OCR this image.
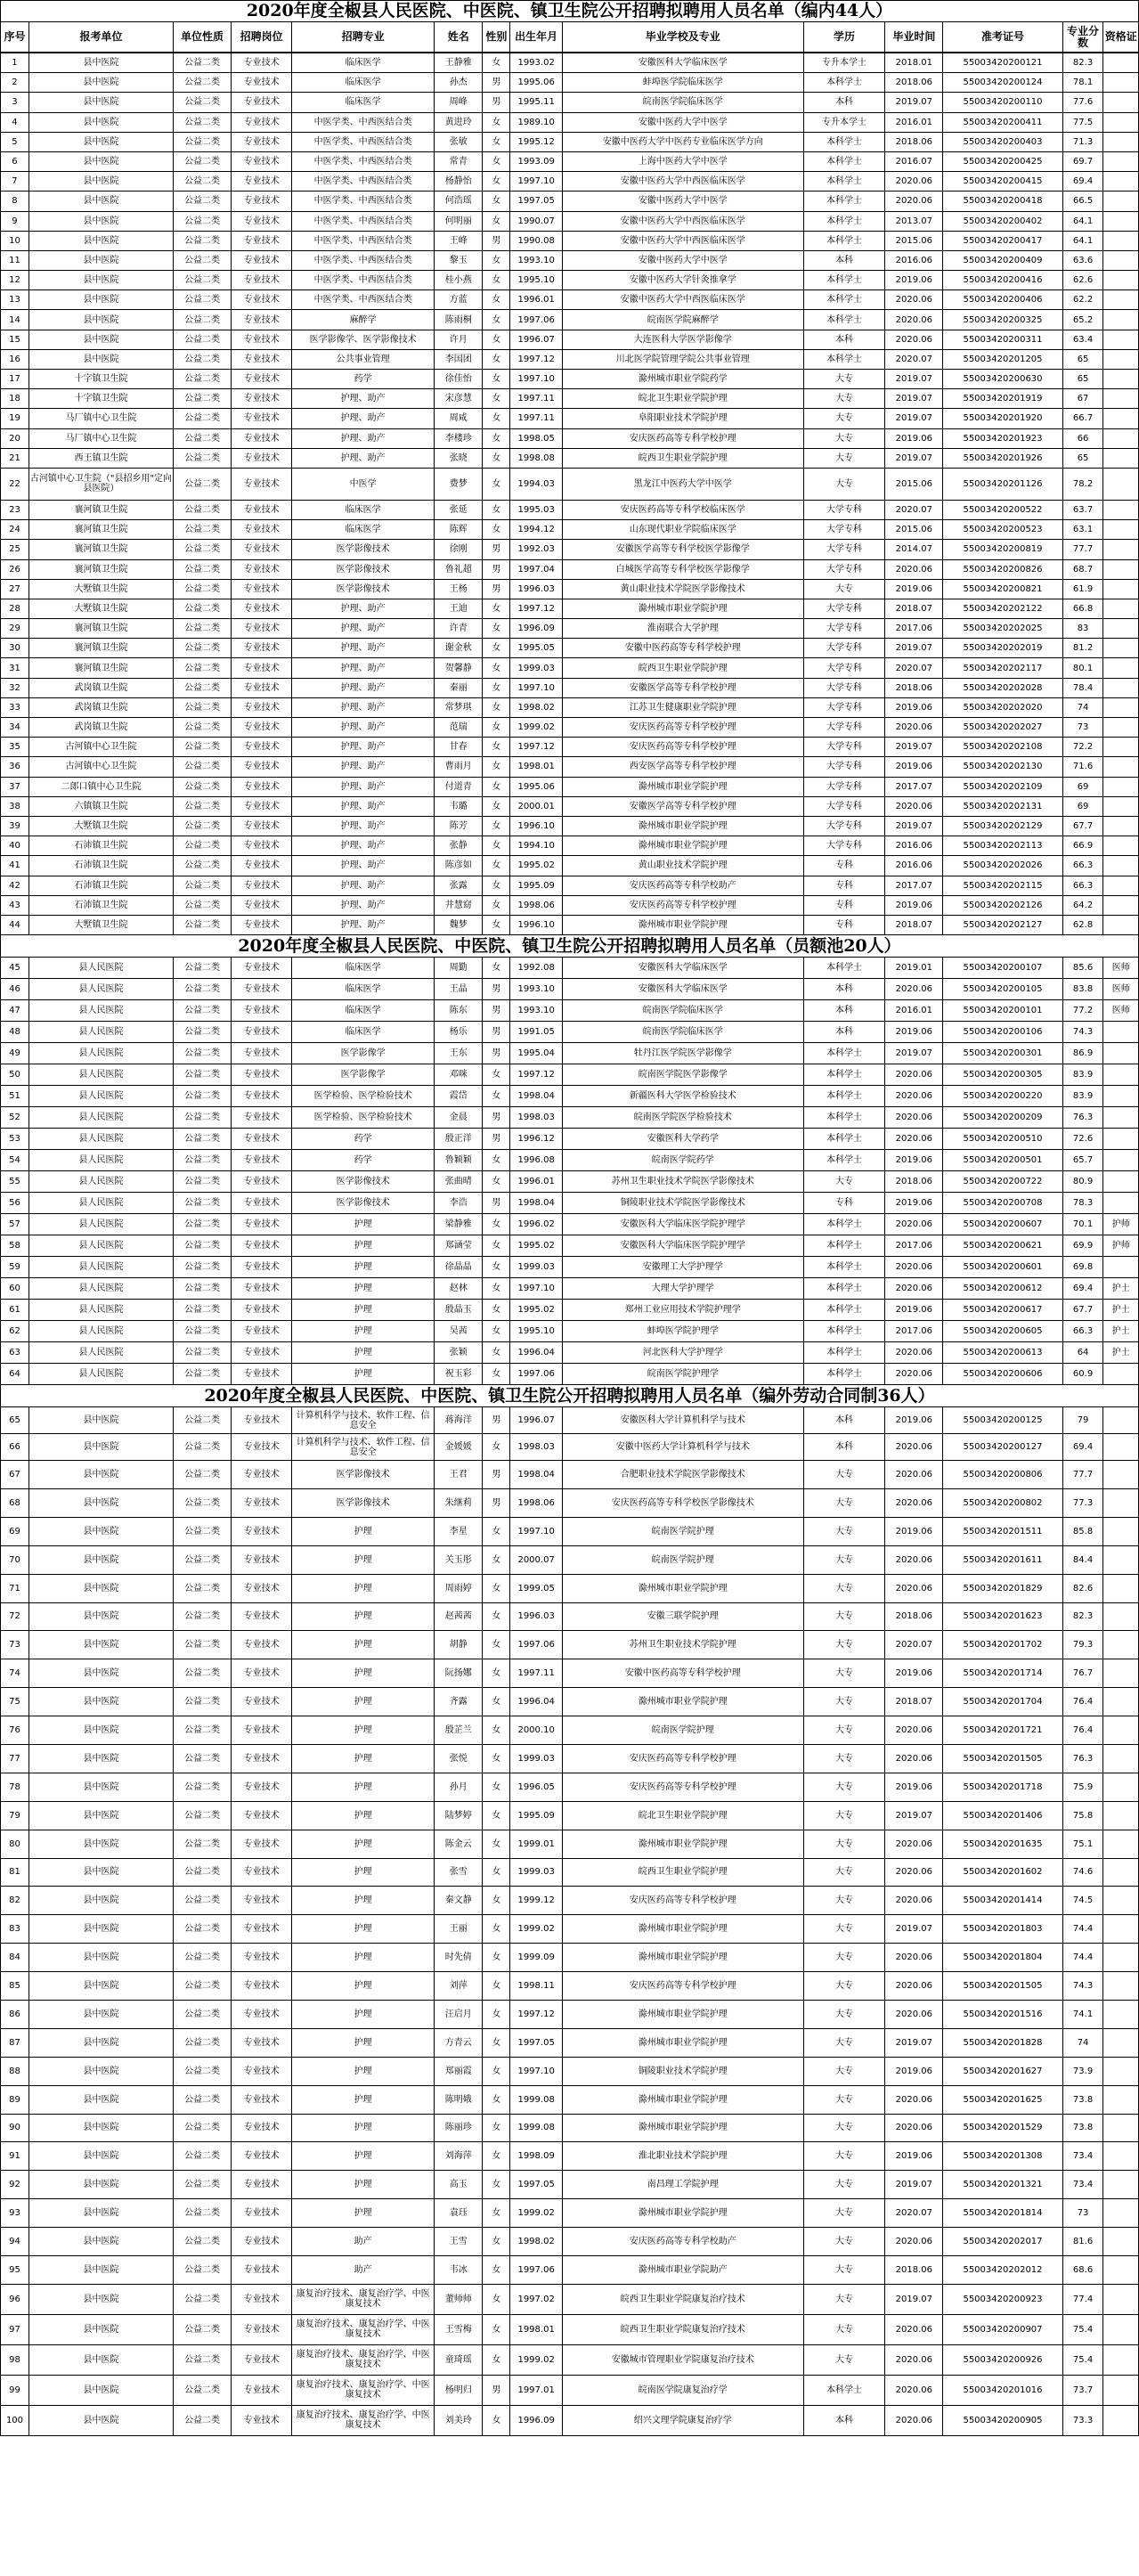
2020年度全椒县人民医院、中医院、镇卫生院公开招聘拟聘用人员名单（编内44人）
序号	报考单位	单位性质	招聘岗位	招聘专业	姓名	性别	出生年月	毕业学校及专业	学历	毕业时间	准考证号	专业分数	资格证
1	县中医院	公益二类	专业技术	临床医学	王静雅	女	1993.02	安徽医科大学临床医学	专升本学士	2018.01	55003420200121	82.3	
2	县中医院	公益二类	专业技术	临床医学	孙杰	男	1995.06	蚌埠医学院临床医学	本科学士	2018.06	55003420200124	78.1	
3	县中医院	公益二类	专业技术	临床医学	周峰	男	1995.11	皖南医学院临床医学	本科	2019.07	55003420200110	77.6	
4	县中医院	公益二类	专业技术	中医学类、中西医结合类	黄进玲	女	1989.10	安徽中医药大学中医学	专升本学士	2016.01	55003420200411	77.5	
5	县中医院	公益二类	专业技术	中医学类、中西医结合类	张敏	女	1995.12	安徽中医药大学中医药专业临床医学方向	本科学士	2018.06	55003420200403	71.3	
6	县中医院	公益二类	专业技术	中医学类、中西医结合类	常青	女	1993.09	上海中医药大学中医学	本科学士	2016.07	55003420200425	69.7	
7	县中医院	公益二类	专业技术	中医学类、中西医结合类	杨静怡	女	1997.10	安徽中医药大学中西医临床医学	本科学士	2020.06	55003420200415	69.4	
8	县中医院	公益二类	专业技术	中医学类、中西医结合类	何浩瑶	女	1997.05	安徽中医药大学中医学	本科学士	2020.06	55003420200418	66.5	
9	县中医院	公益二类	专业技术	中医学类、中西医结合类	何明丽	女	1990.07	安徽中医药大学中西医临床医学	本科学士	2013.07	55003420200402	64.1	
10	县中医院	公益二类	专业技术	中医学类、中西医结合类	王峰	男	1990.08	安徽中医药大学中西医临床医学	本科学士	2015.06	55003420200417	64.1	
11	县中医院	公益二类	专业技术	中医学类、中西医结合类	黎玉	女	1993.10	安徽中医药大学中医学	本科	2016.06	55003420200409	63.6	
12	县中医院	公益二类	专业技术	中医学类、中西医结合类	桂小燕	女	1995.10	安徽中医药大学针灸推拿学	本科学士	2019.06	55003420200416	62.6	
13	县中医院	公益二类	专业技术	中医学类、中西医结合类	方蓝	女	1996.01	安徽中医药大学中西医临床医学	本科学士	2020.06	55003420200406	62.2	
14	县中医院	公益二类	专业技术	麻醉学	陈雨桐	女	1997.06	皖南医学院麻醉学	本科学士	2020.06	55003420200325	65.2	
15	县中医院	公益二类	专业技术	医学影像学、医学影像技术	许月	女	1996.07	大连医科大学医学影像学	本科	2020.06	55003420200311	63.4	
16	县中医院	公益二类	专业技术	公共事业管理	李国团	女	1997.12	川北医学院管理学院公共事业管理	本科学士	2020.07	55003420201205	65	
17	十字镇卫生院	公益二类	专业技术	药学	徐佳怡	女	1997.10	滁州城市职业学院药学	大专	2019.07	55003420200630	65	
18	十字镇卫生院	公益二类	专业技术	护理、助产	宋彦慧	女	1997.11	皖北卫生职业学院护理	大专	2019.07	55003420201919	67	
19	马厂镇中心卫生院	公益二类	专业技术	护理、助产	周咸	女	1997.11	阜阳职业技术学院护理	大专	2019.07	55003420201920	66.7	
20	马厂镇中心卫生院	公益二类	专业技术	护理、助产	李楼珍	女	1998.05	安庆医药高等专科学校护理	大专	2019.06	55003420201923	66	
21	西王镇卫生院	公益二类	专业技术	护理、助产	张晓	女	1998.08	皖西卫生职业学院护理	大专	2019.07	55003420201926	65	
22	古河镇中心卫生院（"县招乡用"定向县医院）	公益二类	专业技术	中医学	费梦	女	1994.03	黑龙江中医药大学中医学	大专	2015.06	55003420201126	78.2	
23	襄河镇卫生院	公益二类	专业技术	临床医学	张延	女	1995.03	安庆医药高等专科学校临床医学	大学专科	2020.07	55003420200522	63.7	
24	襄河镇卫生院	公益二类	专业技术	临床医学	陈辉	女	1994.12	山东现代职业学院临床医学	大学专科	2015.06	55003420200523	63.1	
25	襄河镇卫生院	公益二类	专业技术	医学影像技术	徐刚	男	1992.03	安徽医学高等专科学校医学影像学	大学专科	2014.07	55003420200819	77.7	
26	襄河镇卫生院	公益二类	专业技术	医学影像技术	鲁礼超	男	1997.04	白城医学高等专科学校医学影像学	大学专科	2020.06	55003420200826	68.7	
27	大墅镇卫生院	公益二类	专业技术	医学影像技术	王杨	男	1996.03	黄山职业技术学院医学影像技术	大专	2019.06	55003420200821	61.9	
28	大墅镇卫生院	公益二类	专业技术	护理、助产	王迪	女	1997.12	滁州城市职业学院护理	大学专科	2018.07	55003420202122	66.8	
29	襄河镇卫生院	公益二类	专业技术	护理、助产	许青	女	1996.09	淮南联合大学护理	大学专科	2017.06	55003420202025	83	
30	襄河镇卫生院	公益二类	专业技术	护理、助产	谢金秋	女	1995.05	安徽中医药高等专科学校护理	大学专科	2019.07	55003420202019	81.2	
31	襄河镇卫生院	公益二类	专业技术	护理、助产	贺馨静	女	1999.03	皖西卫生职业学院护理	大学专科	2020.07	55003420202117	80.1	
32	武岗镇卫生院	公益二类	专业技术	护理、助产	秦丽	女	1997.10	安徽医学高等专科学校护理	大学专科	2018.06	55003420202028	78.4	
33	武岗镇卫生院	公益二类	专业技术	护理、助产	常梦琪	女	1998.02	江苏卫生健康职业学院护理	大学专科	2019.06	55003420202020	74	
34	武岗镇卫生院	公益二类	专业技术	护理、助产	范瑞	女	1999.02	安庆医药高等专科学校护理	大学专科	2020.06	55003420202027	73	
35	古河镇中心卫生院	公益二类	专业技术	护理、助产	甘春	女	1997.12	安庆医药高等专科学校护理	大学专科	2019.07	55003420202108	72.2	
36	古河镇中心卫生院	公益二类	专业技术	护理、助产	曹雨月	女	1998.01	西安医学高等专科学校护理	大学专科	2019.06	55003420202130	71.6	
37	二郎口镇中心卫生院	公益二类	专业技术	护理、助产	付道青	女	1995.06	滁州城市职业学院护理	大学专科	2017.07	55003420202109	69	
38	六镇镇卫生院	公益二类	专业技术	护理、助产	韦璐	女	2000.01	安徽医学高等专科学校护理	大学专科	2020.06	55003420202131	69	
39	大墅镇卫生院	公益二类	专业技术	护理、助产	陈芳	女	1996.10	滁州城市职业学院护理	大学专科	2019.07	55003420202129	67.7	
40	石沛镇卫生院	公益二类	专业技术	护理、助产	张静	女	1994.10	滁州城市职业学院护理	大学专科	2016.06	55003420202113	66.9	
41	石沛镇卫生院	公益二类	专业技术	护理、助产	陈彦如	女	1995.02	黄山职业技术学院护理	专科	2016.06	55003420202026	66.3	
42	石沛镇卫生院	公益二类	专业技术	护理、助产	张露	女	1995.09	安庆医药高等专科学校助产	专科	2017.07	55003420202115	66.3	
43	石沛镇卫生院	公益二类	专业技术	护理、助产	井慧窈	女	1998.06	安庆医药高等专科学校护理	专科	2019.06	55003420202126	64.2	
44	大墅镇卫生院	公益二类	专业技术	护理、助产	魏梦	女	1996.10	滁州城市职业学院护理	专科	2018.07	55003420202127	62.8	
2020年度全椒县人民医院、中医院、镇卫生院公开招聘拟聘用人员名单（员额池20人）
45	县人民医院	公益二类	专业技术	临床医学	周勤	女	1992.08	安徽医科大学临床医学	本科学士	2019.01	55003420200107	85.6	医师
46	县人民医院	公益二类	专业技术	临床医学	王晶	男	1993.10	安徽医科大学临床医学	本科	2020.06	55003420200105	83.8	医师
47	县人民医院	公益二类	专业技术	临床医学	陈东	男	1993.10	皖南医学院临床医学	本科	2016.01	55003420200101	77.2	医师
48	县人民医院	公益二类	专业技术	临床医学	杨乐	男	1991.05	皖南医学院临床医学	本科	2019.06	55003420200106	74.3	
49	县人民医院	公益二类	专业技术	医学影像学	王东	男	1995.04	牡丹江医学院医学影像学	本科学士	2019.07	55003420200301	86.9	
50	县人民医院	公益二类	专业技术	医学影像学	邓咪	女	1997.12	皖南医学院医学影像学	本科学士	2020.06	55003420200305	83.9	
51	县人民医院	公益二类	专业技术	医学检验、医学检验技术	霞岱	女	1998.04	新疆医科大学医学检验技术	本科学士	2020.06	55003420200220	83.9	
52	县人民医院	公益二类	专业技术	医学检验、医学检验技术	金晨	男	1998.03	皖南医学院医学检验技术	本科学士	2020.06	55003420200209	76.3	
53	县人民医院	公益二类	专业技术	药学	殷正洋	男	1996.12	安徽医科大学药学	本科学士	2020.06	55003420200510	72.6	
54	县人民医院	公益二类	专业技术	药学	鲁颖颖	女	1996.08	皖南医学院药学	本科学士	2019.06	55003420200501	65.7	
55	县人民医院	公益二类	专业技术	医学影像技术	张曲晴	女	1996.01	苏州卫生职业技术学院医学影像技术	大专	2018.06	55003420200722	80.9	
56	县人民医院	公益二类	专业技术	医学影像技术	李浩	男	1998.04	铜陵职业技术学院医学影像技术	专科	2019.06	55003420200708	78.3	
57	县人民医院	公益二类	专业技术	护理	梁静雅	女	1996.02	安徽医科大学临床医学院护理学	本科学士	2020.06	55003420200607	70.1	护师
58	县人民医院	公益二类	专业技术	护理	郑涵莹	女	1995.02	安徽医科大学临床医学院护理学	本科学士	2017.06	55003420200621	69.9	护师
59	县人民医院	公益二类	专业技术	护理	徐晶晶	女	1999.03	安徽理工大学护理学	本科学士	2020.06	55003420200601	69.8	
60	县人民医院	公益二类	专业技术	护理	赵林	女	1997.10	大理大学护理学	本科学士	2020.06	55003420200612	69.4	护士
61	县人民医院	公益二类	专业技术	护理	殷晶玉	女	1995.02	郑州工业应用技术学院护理学	本科学士	2019.06	55003420200617	67.7	护士
62	县人民医院	公益二类	专业技术	护理	吴茜	女	1995.10	蚌埠医学院护理学	本科学士	2017.06	55003420200605	66.3	护士
63	县人民医院	公益二类	专业技术	护理	张颖	女	1996.04	河北医科大学护理学	本科学士	2020.06	55003420200613	64	护士
64	县人民医院	公益二类	专业技术	护理	祝玉彩	女	1997.06	皖南医学院护理学	本科学士	2020.06	55003420200606	60.9	
2020年度全椒县人民医院、中医院、镇卫生院公开招聘拟聘用人员名单（编外劳动合同制36人）
65	县中医院	公益二类	专业技术	计算机科学与技术、软件工程、信息安全	蒋海洋	男	1996.07	安徽医科大学计算机科学与技术	本科	2019.06	55003420200125	79	
66	县中医院	公益二类	专业技术	计算机科学与技术、软件工程、信息安全	金媛媛	女	1998.03	安徽中医药大学计算机科学与技术	本科	2020.06	55003420200127	69.4	
67	县中医院	公益二类	专业技术	医学影像技术	王君	男	1998.04	合肥职业技术学院医学影像技术	大专	2020.06	55003420200806	77.7	
68	县中医院	公益二类	专业技术	医学影像技术	朱继莉	男	1998.06	安庆医药高等专科学校医学影像技术	大专	2020.06	55003420200802	77.3	
69	县中医院	公益二类	专业技术	护理	李星	女	1997.10	皖南医学院护理	大专	2019.06	55003420201511	85.8	
70	县中医院	公益二类	专业技术	护理	关玉彤	女	2000.07	皖南医学院护理	大专	2020.06	55003420201611	84.4	
71	县中医院	公益二类	专业技术	护理	周雨婷	女	1999.05	滁州城市职业学院护理	大专	2020.06	55003420201829	82.6	
72	县中医院	公益二类	专业技术	护理	赵茜茜	女	1996.03	安徽三联学院护理	大专	2018.06	55003420201623	82.3	
73	县中医院	公益二类	专业技术	护理	胡静	女	1997.06	苏州卫生职业技术学院护理	大专	2020.07	55003420201702	79.3	
74	县中医院	公益二类	专业技术	护理	阮扬娜	女	1997.11	安徽中医药高等专科学校护理	大专	2019.06	55003420201714	76.7	
75	县中医院	公益二类	专业技术	护理	齐露	女	1996.04	滁州城市职业学院护理	大专	2018.07	55003420201704	76.4	
76	县中医院	公益二类	专业技术	护理	殷芷兰	女	2000.10	皖南医学院护理	大专	2020.06	55003420201721	76.4	
77	县中医院	公益二类	专业技术	护理	张悦	女	1999.03	安庆医药高等专科学校护理	大专	2020.06	55003420201505	76.3	
78	县中医院	公益二类	专业技术	护理	孙月	女	1996.05	安庆医药高等专科学校护理	大专	2019.06	55003420201718	75.9	
79	县中医院	公益二类	专业技术	护理	陆梦婷	女	1995.09	皖北卫生职业学院护理	大专	2019.07	55003420201406	75.8	
80	县中医院	公益二类	专业技术	护理	陈金云	女	1999.01	滁州城市职业学院护理	大专	2020.06	55003420201635	75.1	
81	县中医院	公益二类	专业技术	护理	张雪	女	1999.03	皖西卫生职业学院护理	大专	2020.06	55003420201602	74.6	
82	县中医院	公益二类	专业技术	护理	秦文静	女	1999.12	安庆医药高等专科学校护理	大专	2020.06	55003420201414	74.5	
83	县中医院	公益二类	专业技术	护理	王丽	女	1999.02	滁州城市职业学院护理	大专	2019.07	55003420201803	74.4	
84	县中医院	公益二类	专业技术	护理	时先倩	女	1999.09	滁州城市职业学院护理	大专	2020.06	55003420201804	74.4	
85	县中医院	公益二类	专业技术	护理	刘萍	女	1998.11	安庆医药高等专科学校护理	大专	2020.06	55003420201505	74.3	
86	县中医院	公益二类	专业技术	护理	汪启月	女	1997.12	滁州城市职业学院护理	大专	2020.06	55003420201516	74.1	
87	县中医院	公益二类	专业技术	护理	方青云	女	1997.05	滁州城市职业学院护理	大专	2019.07	55003420201828	74	
88	县中医院	公益二类	专业技术	护理	郑丽霞	女	1997.10	铜陵职业技术学院护理	大专	2019.06	55003420201627	73.9	
89	县中医院	公益二类	专业技术	护理	陈明娥	女	1999.08	滁州城市职业学院护理	大专	2020.06	55003420201625	73.8	
90	县中医院	公益二类	专业技术	护理	陈丽珍	女	1999.08	滁州城市职业学院护理	大专	2020.06	55003420201529	73.8	
91	县中医院	公益二类	专业技术	护理	刘海萍	女	1998.09	淮北职业技术学院护理	大专	2019.06	55003420201308	73.4	
92	县中医院	公益二类	专业技术	护理	高玉	女	1997.05	南昌理工学院护理	大专	2019.07	55003420201321	73.4	
93	县中医院	公益二类	专业技术	护理	袁珏	女	1999.02	滁州城市职业学院护理	大专	2020.07	55003420201814	73	
94	县中医院	公益二类	专业技术	助产	王雪	女	1998.02	安庆医药高等专科学校助产	大专	2020.06	55003420202017	81.6	
95	县中医院	公益二类	专业技术	助产	韦冰	女	1997.06	滁州城市职业学院助产	大专	2018.06	55003420202012	68.6	
96	县中医院	公益二类	专业技术	康复治疗技术、康复治疗学、中医康复技术	董师师	女	1997.02	皖西卫生职业学院康复治疗技术	大专	2019.07	55003420200923	77.4	
97	县中医院	公益二类	专业技术	康复治疗技术、康复治疗学、中医康复技术	王雪梅	女	1998.01	皖西卫生职业学院康复治疗技术	大专	2020.06	55003420200907	75.4	
98	县中医院	公益二类	专业技术	康复治疗技术、康复治疗学、中医康复技术	童琦瑶	女	1999.02	安徽城市管理职业学院康复治疗技术	大专	2020.06	55003420200926	75.4	
99	县中医院	公益二类	专业技术	康复治疗技术、康复治疗学、中医康复技术	杨明归	男	1997.01	皖南医学院康复治疗学	本科学士	2020.06	55003420201016	73.7	
100	县中医院	公益二类	专业技术	康复治疗技术、康复治疗学、中医康复技术	刘美玲	女	1996.09	绍兴文理学院康复治疗学	本科	2020.06	55003420200905	73.3	
